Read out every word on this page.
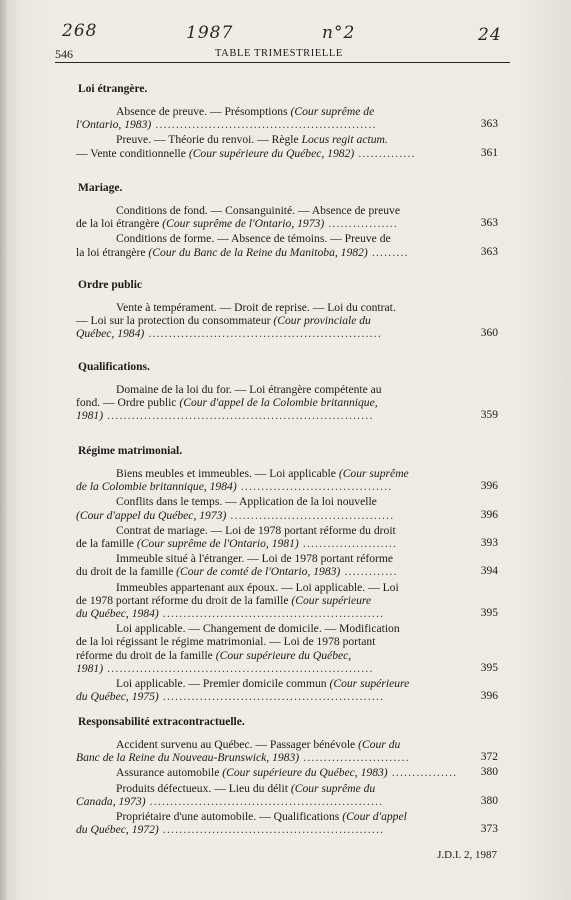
268	1987	n°2	24
546	TABLE TRIMESTRIELLE
Loi étrangère.
Absence de preuve. — Présomptions (Cour suprême de
l'Ontario, 1983) ......................................................	363
Preuve. — Théorie du renvoi. — Règle Locus regit actum.
— Vente conditionnelle (Cour supérieure du Québec, 1982) ..............	361
Mariage.
Conditions de fond. — Consanguinité. — Absence de preuve
de la loi étrangère (Cour suprême de l'Ontario, 1973) .................	363
Conditions de forme. — Absence de témoins. — Preuve de
la loi étrangère (Cour du Banc de la Reine du Manitoba, 1982) .........	363
Ordre public
Vente à tempérament. — Droit de reprise. — Loi du contrat.
— Loi sur la protection du consommateur (Cour provinciale du
Québec, 1984) .........................................................	360
Qualifications.
Domaine de la loi du for. — Loi étrangère compétente au
fond. — Ordre public (Cour d'appel de la Colombie britannique,
1981) .................................................................	359
Régime matrimonial.
Biens meubles et immeubles. — Loi applicable (Cour suprême
de la Colombie britannique, 1984) .....................................	396
Conflits dans le temps. — Application de la loi nouvelle
(Cour d'appel du Québec, 1973) ........................................	396
Contrat de mariage. — Loi de 1978 portant réforme du droit
de la famille (Cour suprême de l'Ontario, 1981) .......................	393
Immeuble situé à l'étranger. — Loi de 1978 portant réforme
du droit de la famille (Cour de comté de l'Ontario, 1983) .............	394
Immeubles appartenant aux époux. — Loi applicable. — Loi
de 1978 portant réforme du droit de la famille (Cour supérieure
du Québec, 1984) ......................................................	395
Loi applicable. — Changement de domicile. — Modification
de la loi régissant le régime matrimonial. — Loi de 1978 portant
réforme du droit de la famille (Cour supérieure du Québec,
1981) .................................................................	395
Loi applicable. — Premier domicile commun (Cour supérieure
du Québec, 1975) ......................................................	396
Responsabilité extracontractuelle.
Accident survenu au Québec. — Passager bénévole (Cour du
Banc de la Reine du Nouveau-Brunswick, 1983) ..........................	372
Assurance automobile (Cour supérieure du Québec, 1983) ................	380
Produits défectueux. — Lieu du délit (Cour suprême du
Canada, 1973) .........................................................	380
Propriétaire d'une automobile. — Qualifications (Cour d'appel
du Québec, 1972) ......................................................	373
J.D.I. 2, 1987
